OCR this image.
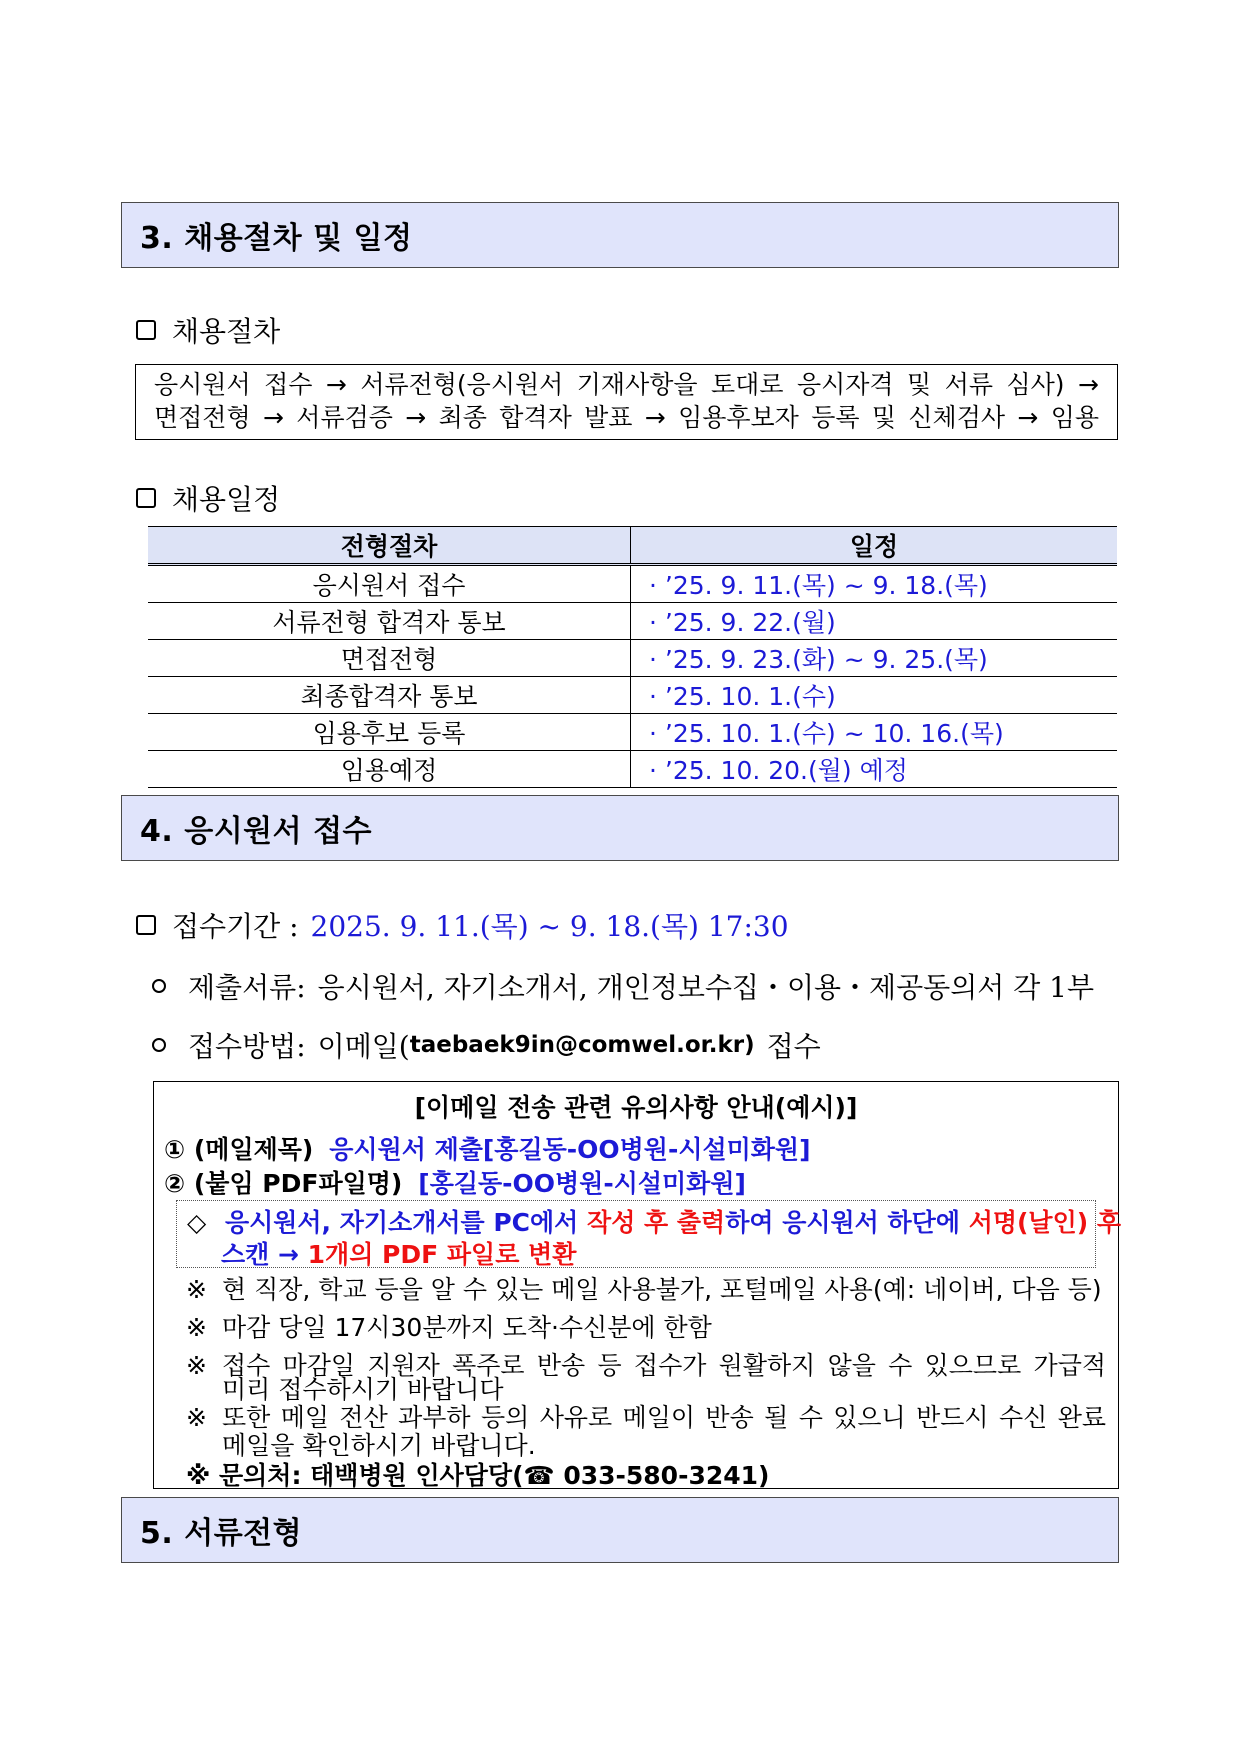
3. 채용절차 및 일정
채용절차
응시원서 접수 → 서류전형(응시원서 기재사항을 토대로 응시자격 및 서류 심사) →
면접전형 → 서류검증 → 최종 합격자 발표 → 임용후보자 등록 및 신체검사 → 임용
채용일정
전형절차	일정
응시원서 접수	· ’25. 9. 11.(목) ~ 9. 18.(목)
서류전형 합격자 통보	· ’25. 9. 22.(월)
면접전형	· ’25. 9. 23.(화) ~ 9. 25.(목)
최종합격자 통보	· ’25. 10. 1.(수)
임용후보 등록	· ’25. 10. 1.(수) ~ 10. 16.(목)
임용예정	· ’25. 10. 20.(월) 예정
4. 응시원서 접수
접수기간 : 2025. 9. 11.(목) ~ 9. 18.(목) 17:30
제출서류: 응시원서, 자기소개서, 개인정보수집・이용・제공동의서 각 1부
접수방법: 이메일( taebaek9in@comwel.or.kr) 접수
[이메일 전송 관련 유의사항 안내(예시)]
① (메일제목) 응시원서 제출[홍길동-OO병원-시설미화원]
② (붙임 PDF파일명) [홍길동-OO병원-시설미화원]
◇ 응시원서, 자기소개서를 PC에서 작성 후 출력하여 응시원서 하단에 서명(날인) 후
스캔 → 1개의 PDF 파일로 변환
※ 현 직장, 학교 등을 알 수 있는 메일 사용불가, 포털메일 사용(예: 네이버, 다음 등)
※ 마감 당일 17시30분까지 도착·수신분에 한함
※ 접수 마감일 지원자 폭주로 반송 등 접수가 원활하지 않을 수 있으므로 가급적
미리 접수하시기 바랍니다
※ 또한 메일 전산 과부하 등의 사유로 메일이 반송 될 수 있으니 반드시 수신 완료
메일을 확인하시기 바랍니다.
※ 문의처: 태백병원 인사담당(☎ 033-580-3241)
5. 서류전형
